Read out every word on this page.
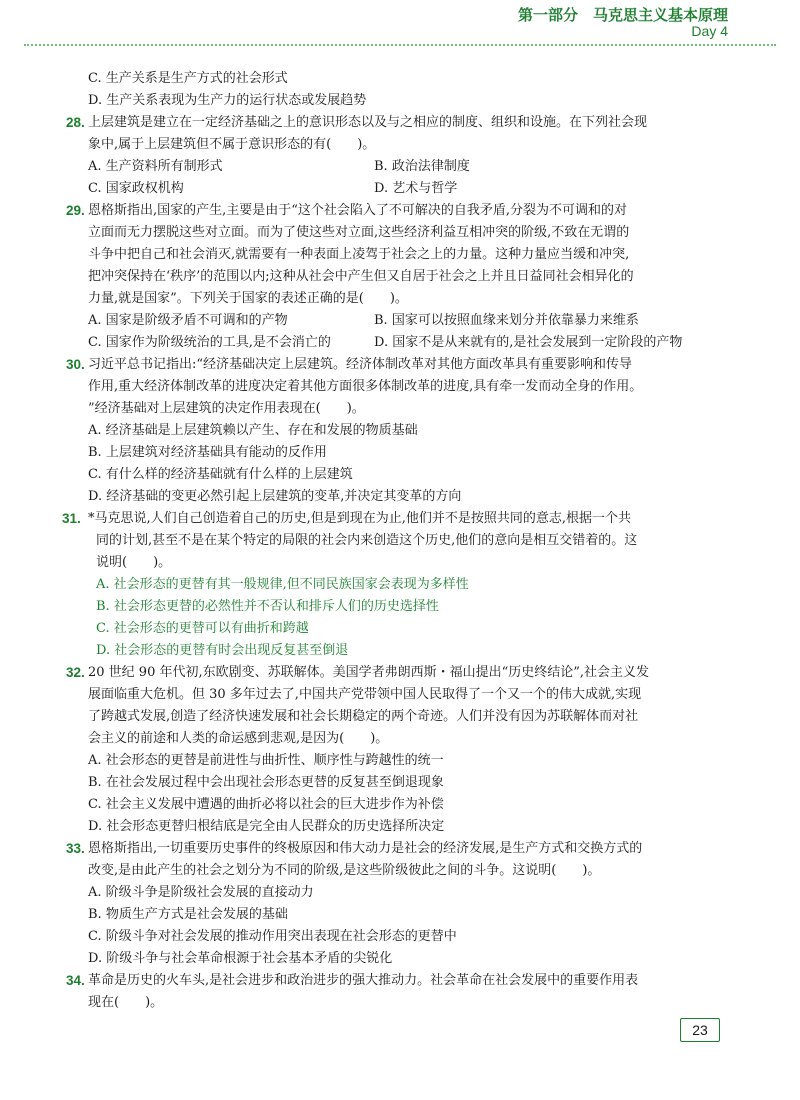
第一部分　马克思主义基本原理
Day 4
C. 生产关系是生产方式的社会形式
D. 生产关系表现为生产力的运行状态或发展趋势
28. 上层建筑是建立在一定经济基础之上的意识形态以及与之相应的制度、组织和设施。在下列社会现
象中,属于上层建筑但不属于意识形态的有(　　)。
A. 生产资料所有制形式	B. 政治法律制度
C. 国家政权机构	D. 艺术与哲学
29. 恩格斯指出,国家的产生,主要是由于“这个社会陷入了不可解决的自我矛盾,分裂为不可调和的对
立面而无力摆脱这些对立面。而为了使这些对立面,这些经济利益互相冲突的阶级,不致在无谓的
斗争中把自己和社会消灭,就需要有一种表面上凌驾于社会之上的力量。这种力量应当缓和冲突,
把冲突保持在‘秩序’的范围以内;这种从社会中产生但又自居于社会之上并且日益同社会相异化的
力量,就是国家”。下列关于国家的表述正确的是(　　)。
A. 国家是阶级矛盾不可调和的产物	B. 国家可以按照血缘来划分并依靠暴力来维系
C. 国家作为阶级统治的工具,是不会消亡的	D. 国家不是从来就有的,是社会发展到一定阶段的产物
30. 习近平总书记指出:“经济基础决定上层建筑。经济体制改革对其他方面改革具有重要影响和传导
作用,重大经济体制改革的进度决定着其他方面很多体制改革的进度,具有牵一发而动全身的作用。
”经济基础对上层建筑的决定作用表现在(　　)。
A. 经济基础是上层建筑赖以产生、存在和发展的物质基础
B. 上层建筑对经济基础具有能动的反作用
C. 有什么样的经济基础就有什么样的上层建筑
D. 经济基础的变更必然引起上层建筑的变革,并决定其变革的方向
31. *马克思说,人们自己创造着自己的历史,但是到现在为止,他们并不是按照共同的意志,根据一个共
同的计划,甚至不是在某个特定的局限的社会内来创造这个历史,他们的意向是相互交错着的。这
说明(　　)。
A. 社会形态的更替有其一般规律,但不同民族国家会表现为多样性
B. 社会形态更替的必然性并不否认和排斥人们的历史选择性
C. 社会形态的更替可以有曲折和跨越
D. 社会形态的更替有时会出现反复甚至倒退
32. 20 世纪 90 年代初,东欧剧变、苏联解体。美国学者弗朗西斯・福山提出“历史终结论”,社会主义发
展面临重大危机。但 30 多年过去了,中国共产党带领中国人民取得了一个又一个的伟大成就,实现
了跨越式发展,创造了经济快速发展和社会长期稳定的两个奇迹。人们并没有因为苏联解体而对社
会主义的前途和人类的命运感到悲观,是因为(　　)。
A. 社会形态的更替是前进性与曲折性、顺序性与跨越性的统一
B. 在社会发展过程中会出现社会形态更替的反复甚至倒退现象
C. 社会主义发展中遭遇的曲折必将以社会的巨大进步作为补偿
D. 社会形态更替归根结底是完全由人民群众的历史选择所决定
33. 恩格斯指出,一切重要历史事件的终极原因和伟大动力是社会的经济发展,是生产方式和交换方式的
改变,是由此产生的社会之划分为不同的阶级,是这些阶级彼此之间的斗争。这说明(　　)。
A. 阶级斗争是阶级社会发展的直接动力
B. 物质生产方式是社会发展的基础
C. 阶级斗争对社会发展的推动作用突出表现在社会形态的更替中
D. 阶级斗争与社会革命根源于社会基本矛盾的尖锐化
34. 革命是历史的火车头,是社会进步和政治进步的强大推动力。社会革命在社会发展中的重要作用表
现在(　　)。
23
